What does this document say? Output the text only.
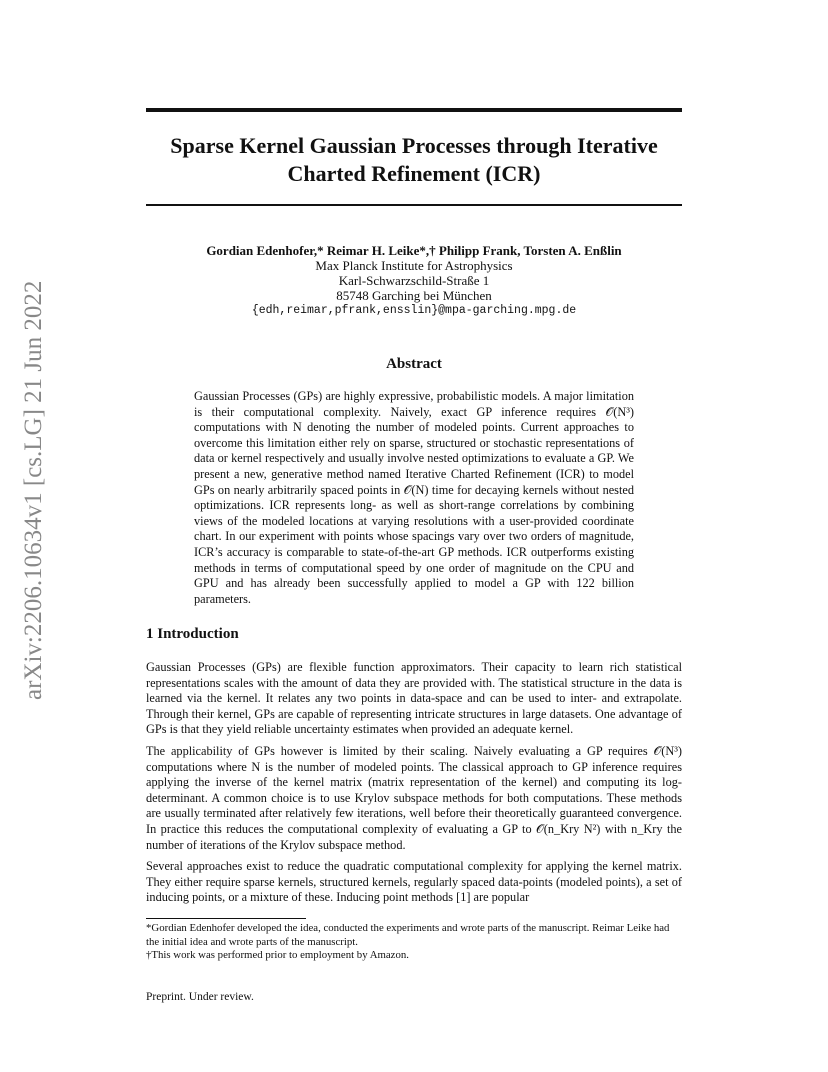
arXiv:2206.10634v1 [cs.LG] 21 Jun 2022
Sparse Kernel Gaussian Processes through Iterative
Charted Refinement (ICR)
Gordian Edenhofer,* Reimar H. Leike*,† Philipp Frank, Torsten A. Enßlin
Max Planck Institute for Astrophysics
Karl-Schwarzschild-Straße 1
85748 Garching bei München
{edh,reimar,pfrank,ensslin}@mpa-garching.mpg.de
Abstract
Gaussian Processes (GPs) are highly expressive, probabilistic models. A major limitation is their computational complexity. Naively, exact GP inference requires 𝒪(N³) computations with N denoting the number of modeled points. Current approaches to overcome this limitation either rely on sparse, structured or stochastic representations of data or kernel respectively and usually involve nested optimizations to evaluate a GP. We present a new, generative method named Iterative Charted Refinement (ICR) to model GPs on nearly arbitrarily spaced points in 𝒪(N) time for decaying kernels without nested optimizations. ICR represents long- as well as short-range correlations by combining views of the modeled locations at varying resolutions with a user-provided coordinate chart. In our experiment with points whose spacings vary over two orders of magnitude, ICR’s accuracy is comparable to state-of-the-art GP methods. ICR outperforms existing methods in terms of computational speed by one order of magnitude on the CPU and GPU and has already been successfully applied to model a GP with 122 billion parameters.
1 Introduction

Gaussian Processes (GPs) are flexible function approximators. Their capacity to learn rich statistical representations scales with the amount of data they are provided with. The statistical structure in the data is learned via the kernel. It relates any two points in data-space and can be used to inter- and extrapolate. Through their kernel, GPs are capable of representing intricate structures in large datasets. One advantage of GPs is that they yield reliable uncertainty estimates when provided an adequate kernel.

The applicability of GPs however is limited by their scaling. Naively evaluating a GP requires 𝒪(N³) computations where N is the number of modeled points. The classical approach to GP inference requires applying the inverse of the kernel matrix (matrix representation of the kernel) and computing its log-determinant. A common choice is to use Krylov subspace methods for both computations. These methods are usually terminated after relatively few iterations, well before their theoretically guaranteed convergence. In practice this reduces the computational complexity of evaluating a GP to 𝒪(n_Kry N²) with n_Kry the number of iterations of the Krylov subspace method.

Several approaches exist to reduce the quadratic computational complexity for applying the kernel matrix. They either require sparse kernels, structured kernels, regularly spaced data-points (modeled points), a set of inducing points, or a mixture of these. Inducing point methods [1] are popular

*Gordian Edenhofer developed the idea, conducted the experiments and wrote parts of the manuscript. Reimar Leike had the initial idea and wrote parts of the manuscript.

†This work was performed prior to employment by Amazon.

Preprint. Under review.
